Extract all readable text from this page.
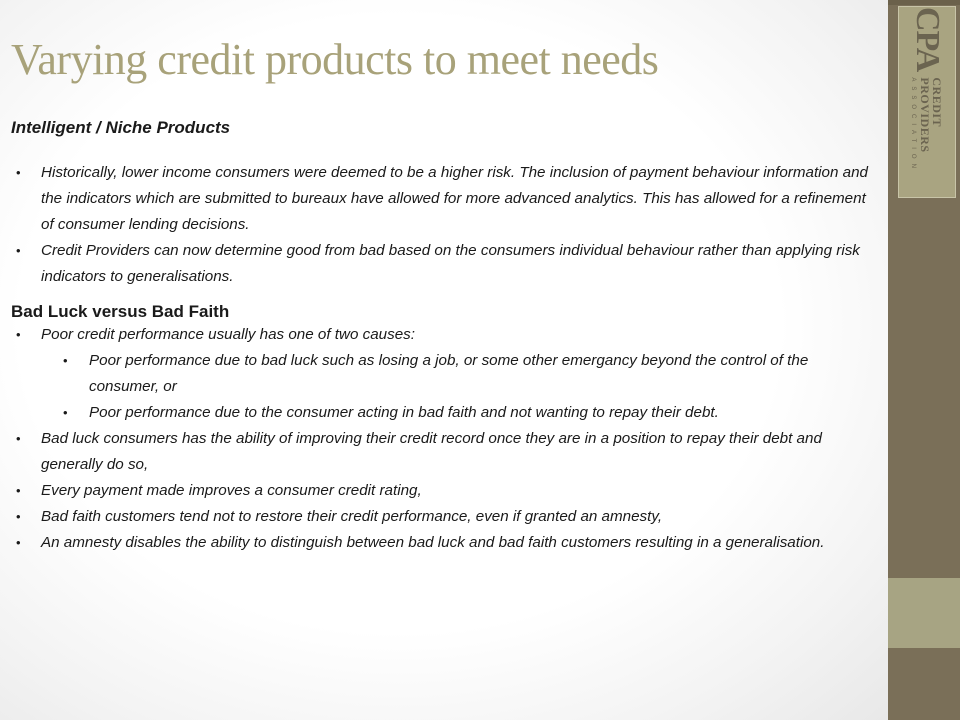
CPA
CREDIT PROVIDERS
ASSOCIATION
Varying credit products to meet needs

Intelligent / Niche Products

• Historically, lower income consumers were deemed to be a higher risk. The inclusion of payment behaviour information and the indicators which are submitted to bureaux have allowed for more advanced analytics. This has allowed for a refinement of consumer lending decisions.
• Credit Providers can now determine good from bad based on the consumers individual behaviour rather than applying risk indicators to generalisations.

Bad Luck versus Bad Faith

• Poor credit performance usually has one of two causes:
• Poor performance due to bad luck such as losing a job, or some other emergancy beyond the control of the consumer, or
• Poor performance due to the consumer acting in bad faith and not wanting to repay their debt.
• Bad luck consumers has the ability of improving their credit record once they are in a position to repay their debt and generally do so,
• Every payment made improves a consumer credit rating,
• Bad faith customers tend not to restore their credit performance, even if granted an amnesty,
• An amnesty disables the ability to distinguish between bad luck and bad faith customers resulting in a generalisation.
